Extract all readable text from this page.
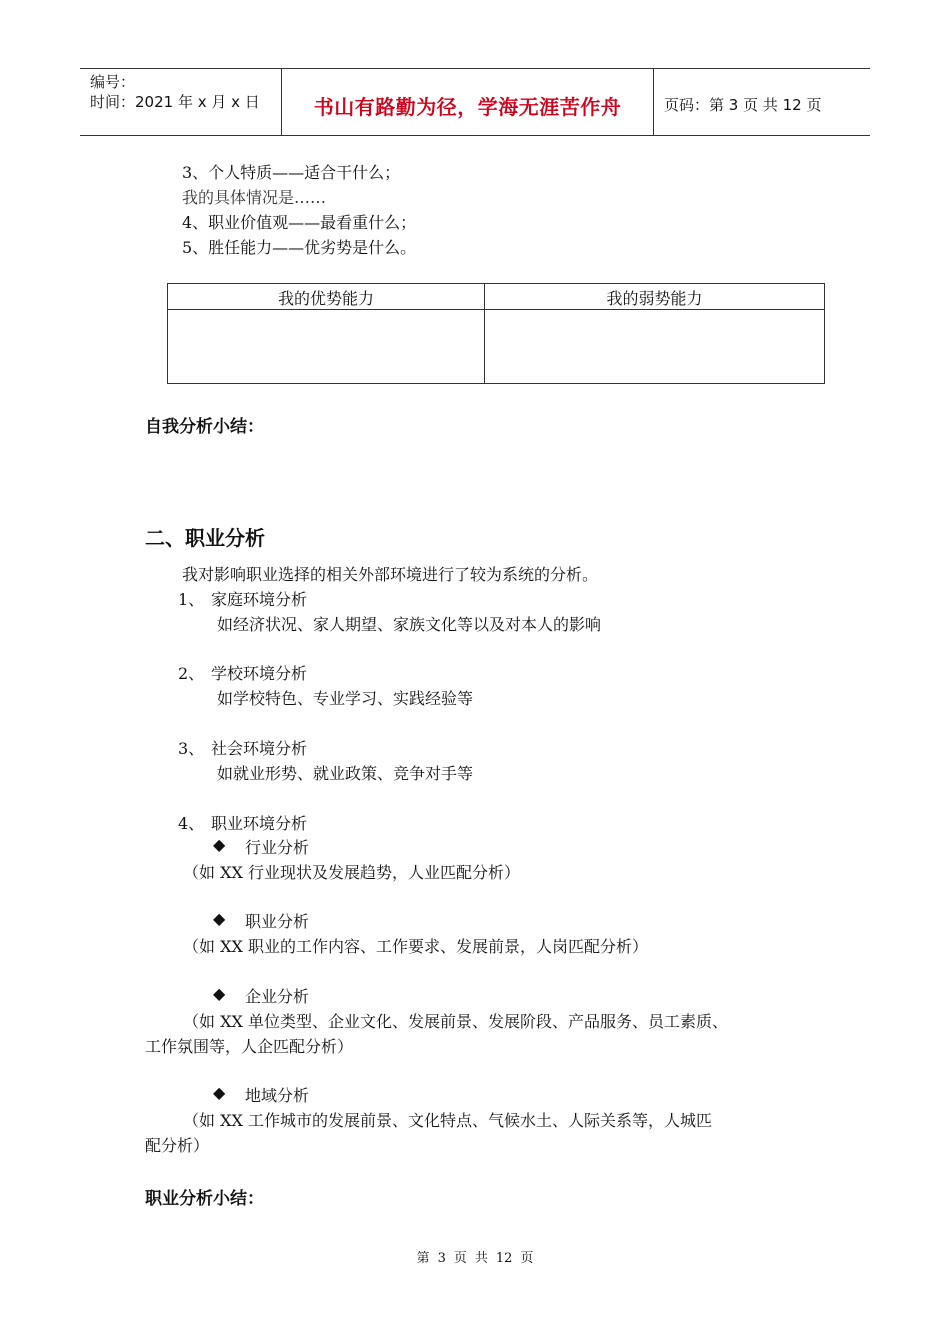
编号：
时间：2021 年 x 月 x 日	书山有路勤为径，学海无涯苦作舟	页码：第 3 页 共 12 页
3、个人特质——适合干什么；
我的具体情况是……
4、职业价值观——最看重什么；
5、胜任能力——优劣势是什么。
我的优势能力	我的弱势能力
自我分析小结：
二、职业分析
我对影响职业选择的相关外部环境进行了较为系统的分析。
1、 家庭环境分析
如经济状况、家人期望、家族文化等以及对本人的影响
2、 学校环境分析
如学校特色、专业学习、实践经验等
3、 社会环境分析
如就业形势、就业政策、竞争对手等
4、 职业环境分析
◆ 行业分析
（如 XX 行业现状及发展趋势，人业匹配分析）
◆ 职业分析
（如 XX 职业的工作内容、工作要求、发展前景，人岗匹配分析）
◆ 企业分析
（如 XX 单位类型、企业文化、发展前景、发展阶段、产品服务、员工素质、
工作氛围等，人企匹配分析）
◆ 地域分析
（如 XX 工作城市的发展前景、文化特点、气候水土、人际关系等，人城匹
配分析）
职业分析小结：
第 3 页 共 12 页
